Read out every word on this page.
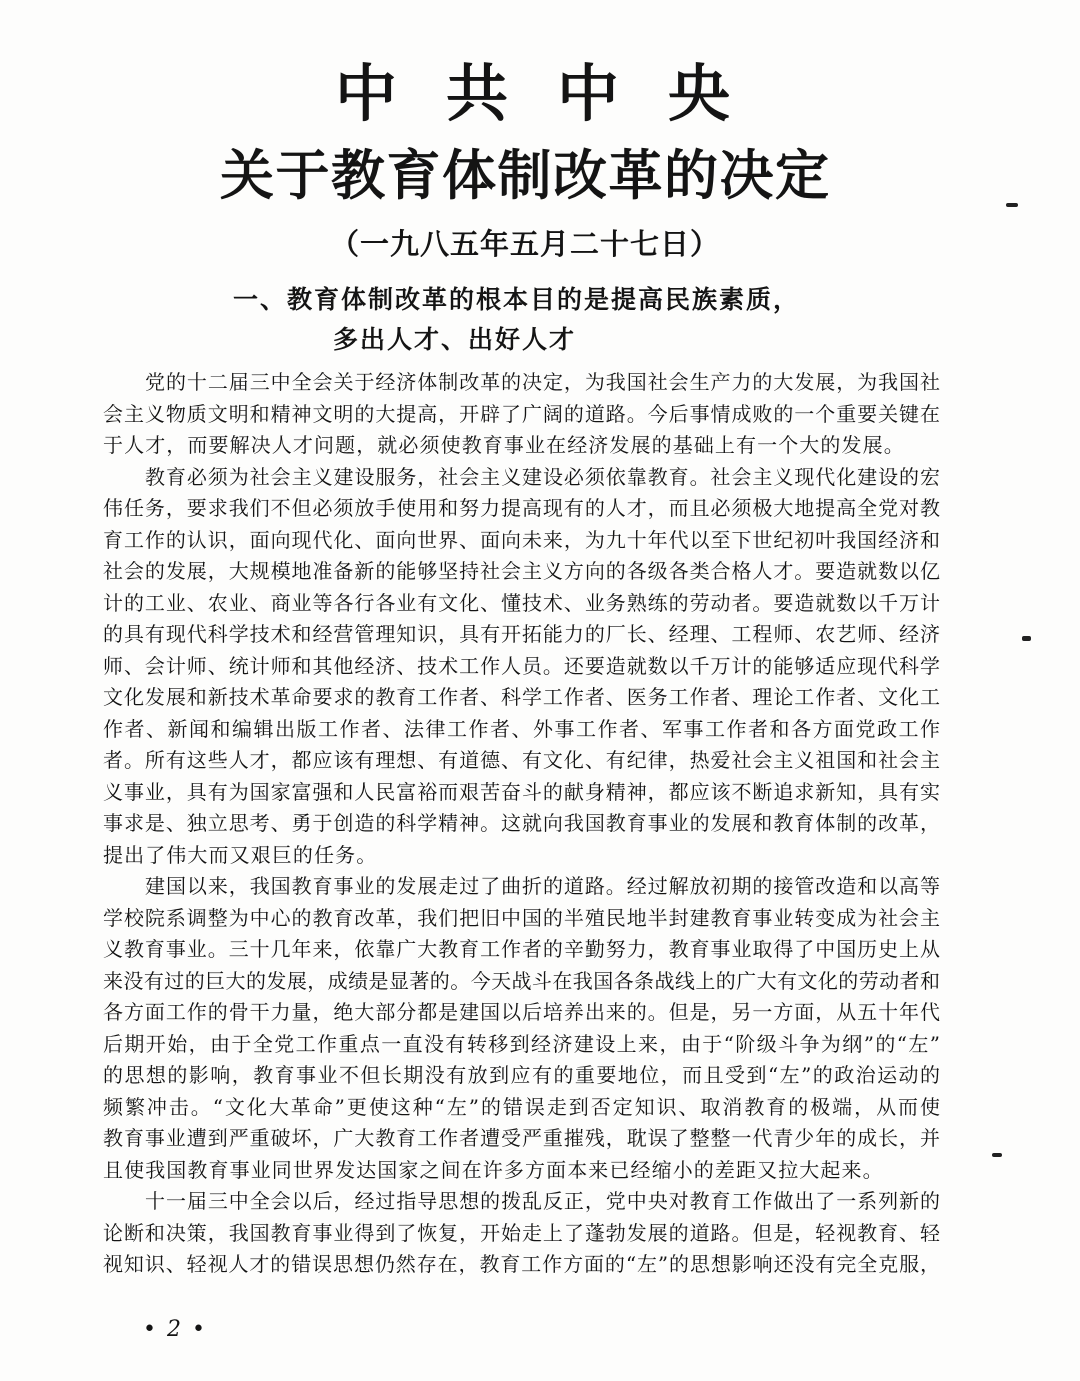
中共中央
关于教育体制改革的决定
（一九八五年五月二十七日）
一、教育体制改革的根本目的是提高民族素质，
多出人才、出好人才
党的十二届三中全会关于经济体制改革的决定，为我国社会生产力的大发展，为我国社
会主义物质文明和精神文明的大提高，开辟了广阔的道路。今后事情成败的一个重要关键在
于人才，而要解决人才问题，就必须使教育事业在经济发展的基础上有一个大的发展。
教育必须为社会主义建设服务，社会主义建设必须依靠教育。社会主义现代化建设的宏
伟任务，要求我们不但必须放手使用和努力提高现有的人才，而且必须极大地提高全党对教
育工作的认识，面向现代化、面向世界、面向未来，为九十年代以至下世纪初叶我国经济和
社会的发展，大规模地准备新的能够坚持社会主义方向的各级各类合格人才。要造就数以亿
计的工业、农业、商业等各行各业有文化、懂技术、业务熟练的劳动者。要造就数以千万计
的具有现代科学技术和经营管理知识，具有开拓能力的厂长、经理、工程师、农艺师、经济
师、会计师、统计师和其他经济、技术工作人员。还要造就数以千万计的能够适应现代科学
文化发展和新技术革命要求的教育工作者、科学工作者、医务工作者、理论工作者、文化工
作者、新闻和编辑出版工作者、法律工作者、外事工作者、军事工作者和各方面党政工作
者。所有这些人才，都应该有理想、有道德、有文化、有纪律，热爱社会主义祖国和社会主
义事业，具有为国家富强和人民富裕而艰苦奋斗的献身精神，都应该不断追求新知，具有实
事求是、独立思考、勇于创造的科学精神。这就向我国教育事业的发展和教育体制的改革，
提出了伟大而又艰巨的任务。
建国以来，我国教育事业的发展走过了曲折的道路。经过解放初期的接管改造和以高等
学校院系调整为中心的教育改革，我们把旧中国的半殖民地半封建教育事业转变成为社会主
义教育事业。三十几年来，依靠广大教育工作者的辛勤努力，教育事业取得了中国历史上从
来没有过的巨大的发展，成绩是显著的。今天战斗在我国各条战线上的广大有文化的劳动者和
各方面工作的骨干力量，绝大部分都是建国以后培养出来的。但是，另一方面，从五十年代
后期开始，由于全党工作重点一直没有转移到经济建设上来，由于“阶级斗争为纲”的“左”
的思想的影响，教育事业不但长期没有放到应有的重要地位，而且受到“左”的政治运动的
频繁冲击。“文化大革命”更使这种“左”的错误走到否定知识、取消教育的极端，从而使
教育事业遭到严重破坏，广大教育工作者遭受严重摧残，耽误了整整一代青少年的成长，并
且使我国教育事业同世界发达国家之间在许多方面本来已经缩小的差距又拉大起来。
十一届三中全会以后，经过指导思想的拨乱反正，党中央对教育工作做出了一系列新的
论断和决策，我国教育事业得到了恢复，开始走上了蓬勃发展的道路。但是，轻视教育、轻
视知识、轻视人才的错误思想仍然存在，教育工作方面的“左”的思想影响还没有完全克服，
• 2 •
